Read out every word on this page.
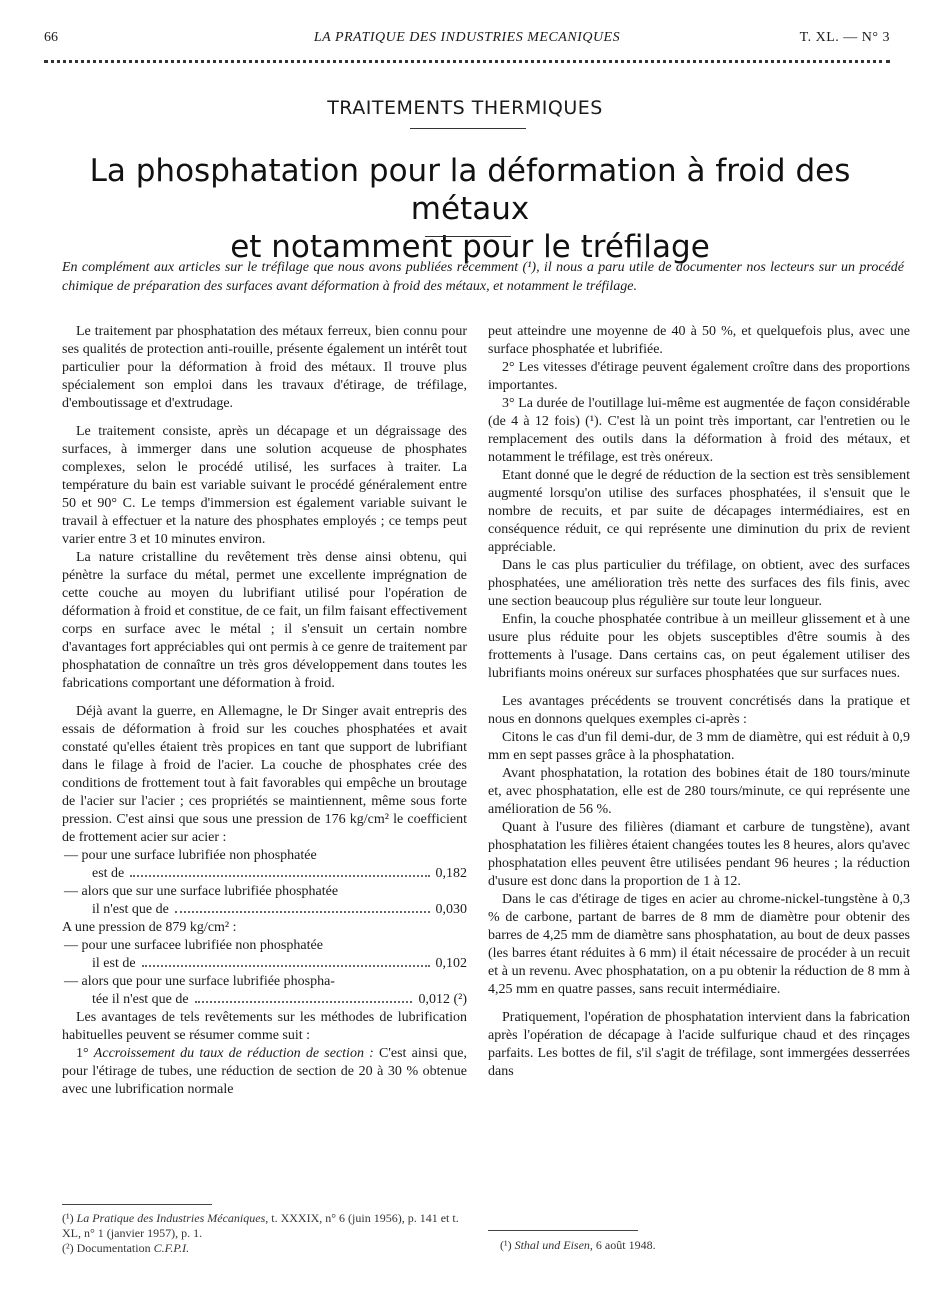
66	LA PRATIQUE DES INDUSTRIES MECANIQUES	T. XL. — N° 3
TRAITEMENTS THERMIQUES
La phosphatation pour la déformation à froid des métaux
et notamment pour le tréfilage
En complément aux articles sur le tréfilage que nous avons publiées récemment (¹), il nous a paru utile de documenter nos lecteurs sur un procédé chimique de préparation des surfaces avant déformation à froid des métaux, et notamment le tréfilage.

Le traitement par phosphatation des métaux ferreux, bien connu pour ses qualités de protection anti-rouille, présente également un intérêt tout particulier pour la déformation à froid des métaux. Il trouve plus spécialement son emploi dans les travaux d'étirage, de tréfilage, d'emboutissage et d'extrudage.

Le traitement consiste, après un décapage et un dégraissage des surfaces, à immerger dans une solution acqueuse de phosphates complexes, selon le procédé utilisé, les surfaces à traiter. La température du bain est variable suivant le procédé généralement entre 50 et 90° C. Le temps d'immersion est également variable suivant le travail à effectuer et la nature des phosphates employés ; ce temps peut varier entre 3 et 10 minutes environ.

La nature cristalline du revêtement très dense ainsi obtenu, qui pénètre la surface du métal, permet une excellente imprégnation de cette couche au moyen du lubrifiant utilisé pour l'opération de déformation à froid et constitue, de ce fait, un film faisant effectivement corps en surface avec le métal ; il s'ensuit un certain nombre d'avantages fort appréciables qui ont permis à ce genre de traitement par phosphatation de connaître un très gros développement dans toutes les fabrications comportant une déformation à froid.

Déjà avant la guerre, en Allemagne, le Dr Singer avait entrepris des essais de déformation à froid sur les couches phosphatées et avait constaté qu'elles étaient très propices en tant que support de lubrifiant dans le filage à froid de l'acier. La couche de phosphates crée des conditions de frottement tout à fait favorables qui empêche un broutage de l'acier sur l'acier ; ces propriétés se maintiennent, même sous forte pression. C'est ainsi que sous une pression de 176 kg/cm² le coefficient de frottement acier sur acier :

— pour une surface lubrifiée non phosphatée
est de	0,182
— alors que sur une surface lubrifiée phosphatée
il n'est que de	0,030

A une pression de 879 kg/cm² :

— pour une surfacee lubrifiée non phosphatée
il est de	0,102
— alors que pour une surface lubrifiée phospha-
tée il n'est que de	0,012 (²)

Les avantages de tels revêtements sur les méthodes de lubrification habituelles peuvent se résumer comme suit :

1° Accroissement du taux de réduction de section : C'est ainsi que, pour l'étirage de tubes, une réduction de section de 20 à 30 % obtenue avec une lubrification normale

peut atteindre une moyenne de 40 à 50 %, et quelquefois plus, avec une surface phosphatée et lubrifiée.

2° Les vitesses d'étirage peuvent également croître dans des proportions importantes.

3° La durée de l'outillage lui-même est augmentée de façon considérable (de 4 à 12 fois) (¹). C'est là un point très important, car l'entretien ou le remplacement des outils dans la déformation à froid des métaux, et notamment le tréfilage, est très onéreux.

Etant donné que le degré de réduction de la section est très sensiblement augmenté lorsqu'on utilise des surfaces phosphatées, il s'ensuit que le nombre de recuits, et par suite de décapages intermédiaires, est en conséquence réduit, ce qui représente une diminution du prix de revient appréciable.

Dans le cas plus particulier du tréfilage, on obtient, avec des surfaces phosphatées, une amélioration très nette des surfaces des fils finis, avec une section beaucoup plus régulière sur toute leur longueur.

Enfin, la couche phosphatée contribue à un meilleur glissement et à une usure plus réduite pour les objets susceptibles d'être soumis à des frottements à l'usage. Dans certains cas, on peut également utiliser des lubrifiants moins onéreux sur surfaces phosphatées que sur surfaces nues.

Les avantages précédents se trouvent concrétisés dans la pratique et nous en donnons quelques exemples ci-après :

Citons le cas d'un fil demi-dur, de 3 mm de diamètre, qui est réduit à 0,9 mm en sept passes grâce à la phosphatation.

Avant phosphatation, la rotation des bobines était de 180 tours/minute et, avec phosphatation, elle est de 280 tours/minute, ce qui représente une amélioration de 56 %.

Quant à l'usure des filières (diamant et carbure de tungstène), avant phosphatation les filières étaient changées toutes les 8 heures, alors qu'avec phosphatation elles peuvent être utilisées pendant 96 heures ; la réduction d'usure est donc dans la proportion de 1 à 12.

Dans le cas d'étirage de tiges en acier au chrome-nickel-tungstène à 0,3 % de carbone, partant de barres de 8 mm de diamètre pour obtenir des barres de 4,25 mm de diamètre sans phosphatation, au bout de deux passes (les barres étant réduites à 6 mm) il était nécessaire de procéder à un recuit et à un revenu. Avec phosphatation, on a pu obtenir la réduction de 8 mm à 4,25 mm en quatre passes, sans recuit intermédiaire.

Pratiquement, l'opération de phosphatation intervient dans la fabrication après l'opération de décapage à l'acide sulfurique chaud et des rinçages parfaits. Les bottes de fil, s'il s'agit de tréfilage, sont immergées desserrées dans

(¹) La Pratique des Industries Mécaniques, t. XXXIX, n° 6 (juin 1956), p. 141 et t. XL, n° 1 (janvier 1957), p. 1.
(²) Documentation C.F.P.I.	(¹) Sthal und Eisen, 6 août 1948.
